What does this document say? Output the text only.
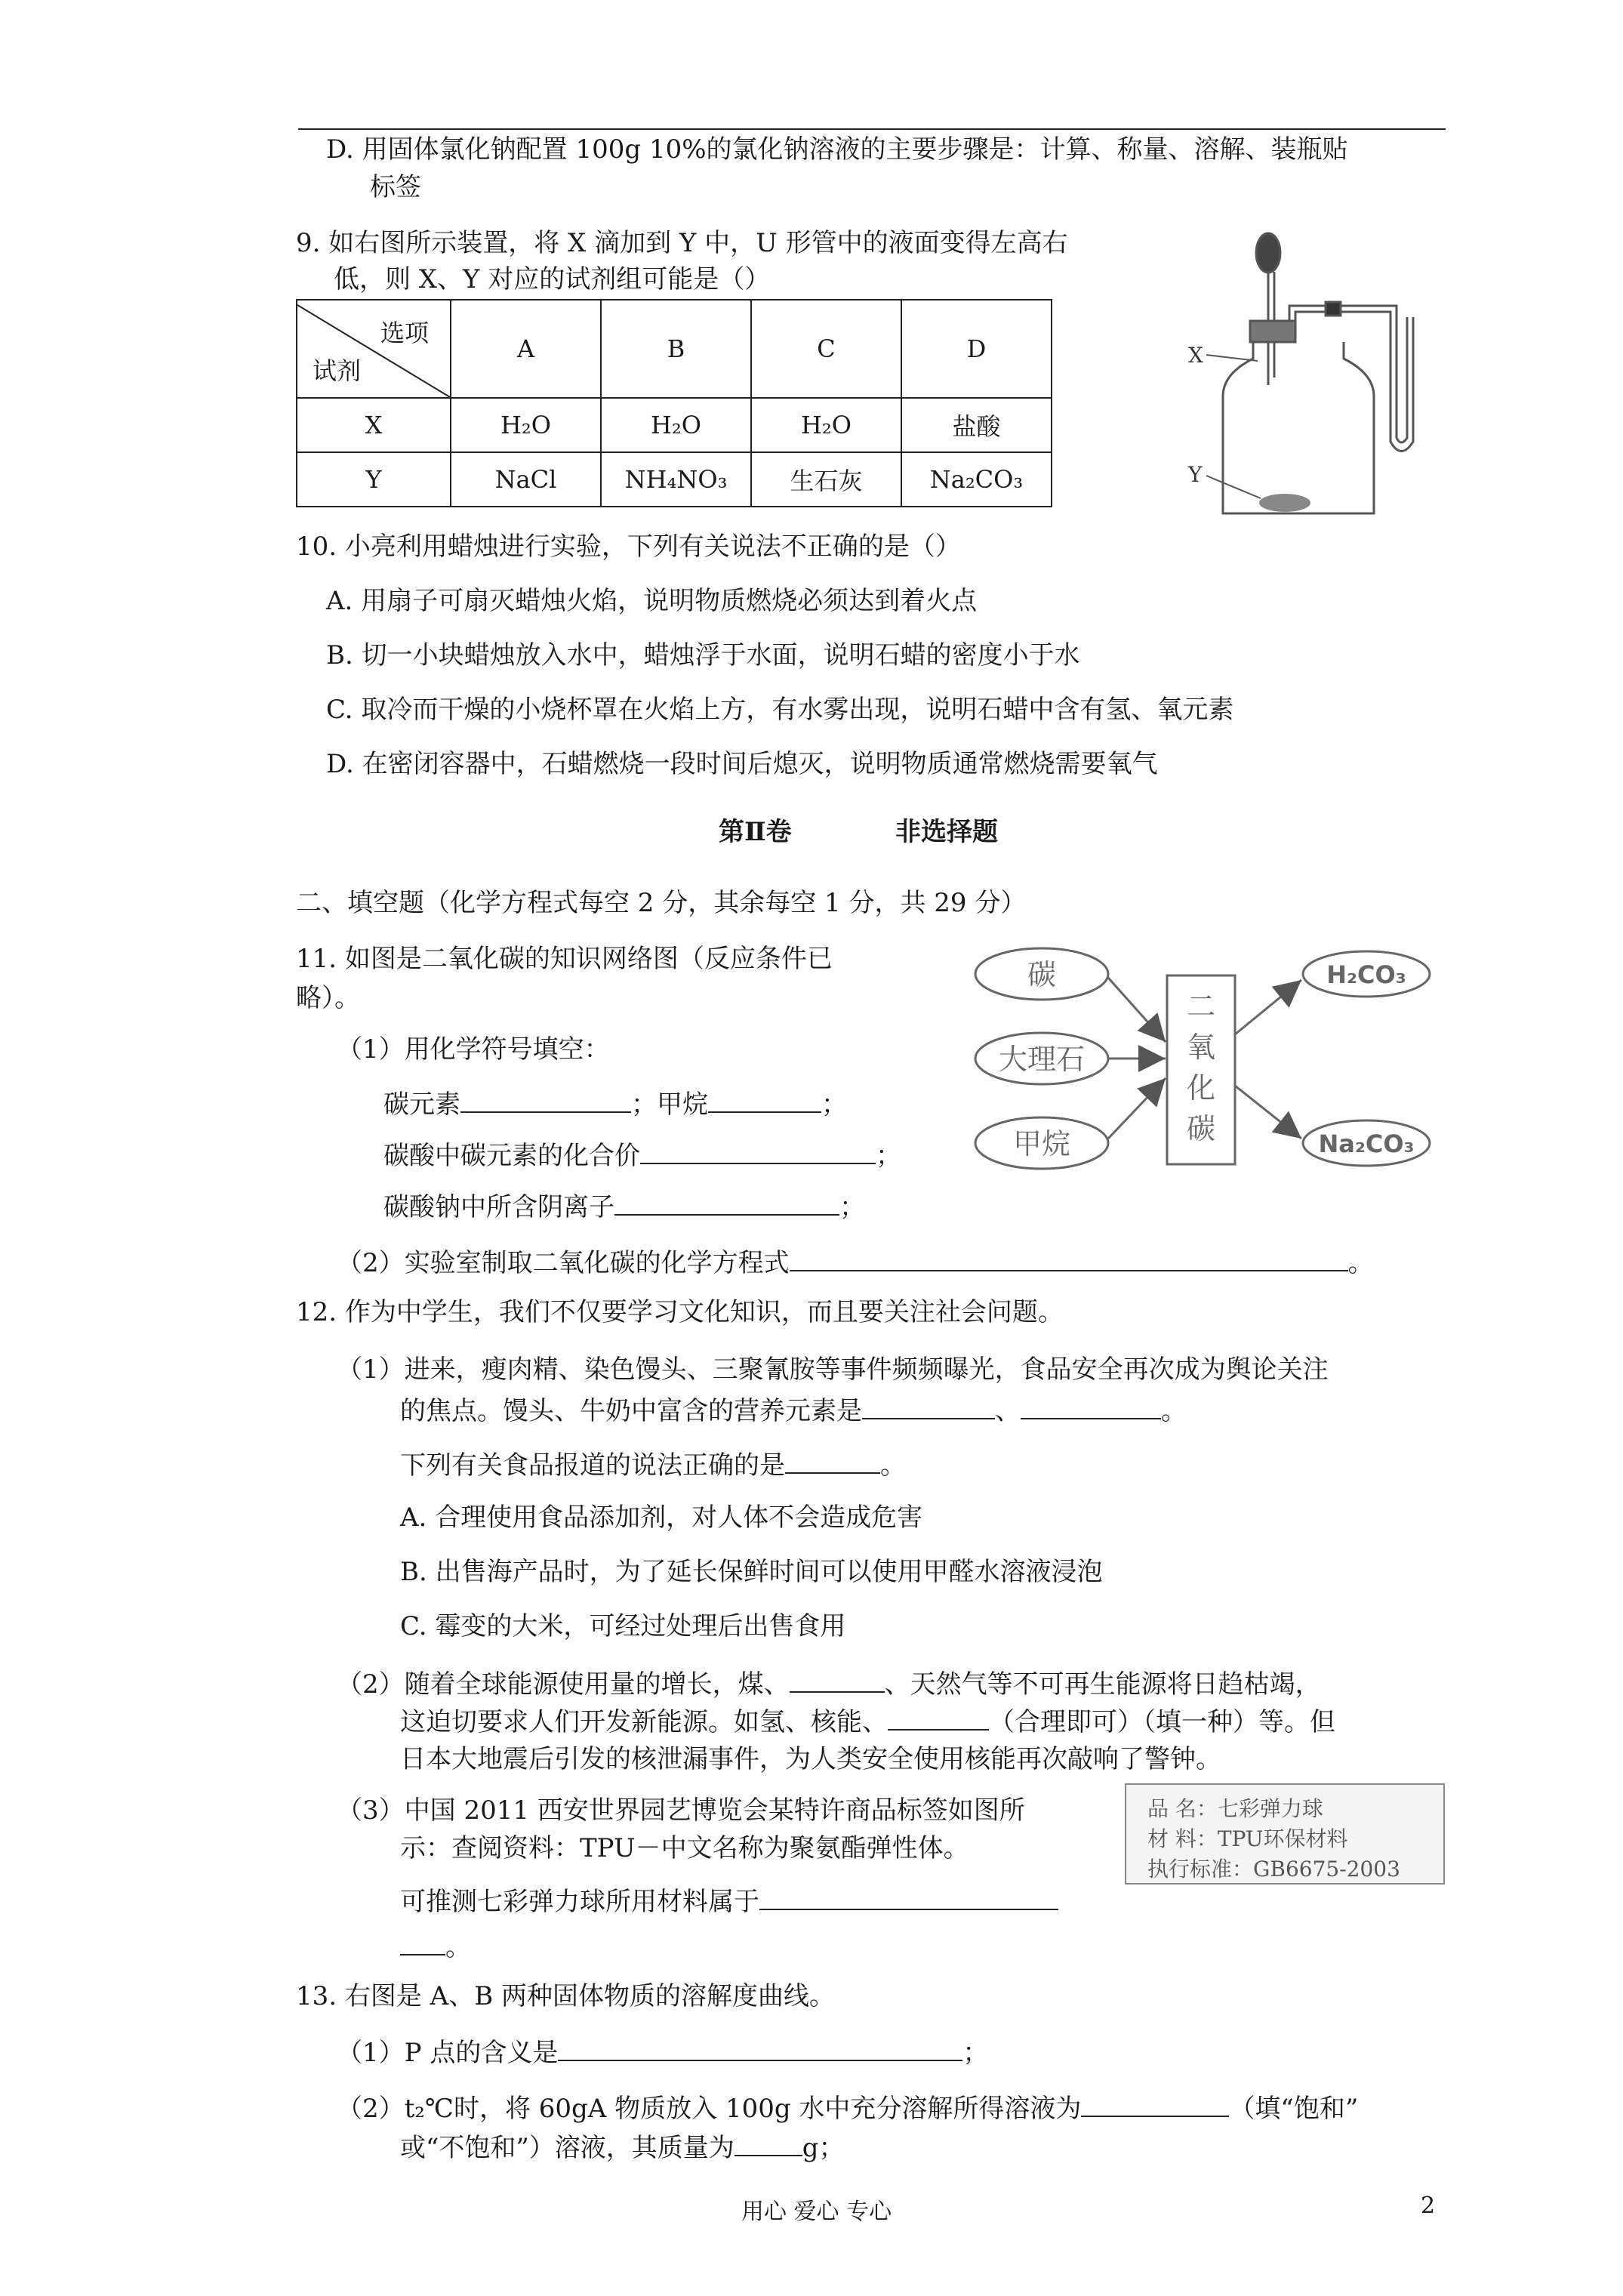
D. 用固体氯化钠配置 100g 10%的氯化钠溶液的主要步骤是：计算、称量、溶解、装瓶贴
标签
9. 如右图所示装置，将 X 滴加到 Y 中，U 形管中的液面变得左高右
低，则 X、Y 对应的试剂组可能是（）
选项
试剂	A	B	C	D
X	H₂O	H₂O	H₂O	盐酸
Y	NaCl	NH₄NO₃	生石灰	Na₂CO₃
X
Y
10. 小亮利用蜡烛进行实验，下列有关说法不正确的是（）
A. 用扇子可扇灭蜡烛火焰，说明物质燃烧必须达到着火点
B. 切一小块蜡烛放入水中，蜡烛浮于水面，说明石蜡的密度小于水
C. 取冷而干燥的小烧杯罩在火焰上方，有水雾出现，说明石蜡中含有氢、氧元素
D. 在密闭容器中，石蜡燃烧一段时间后熄灭，说明物质通常燃烧需要氧气
第Ⅱ卷	非选择题
二、填空题（化学方程式每空 2 分，其余每空 1 分，共 29 分）
11. 如图是二氧化碳的知识网络图（反应条件已
略）。
（1）用化学符号填空：
碳元素	；甲烷	；
碳酸中碳元素的化合价	；
碳酸钠中所含阴离子	；
（2）实验室制取二氧化碳的化学方程式	。
碳
大理石
甲烷
二
氧
化
碳
H₂CO₃
Na₂CO₃
12. 作为中学生，我们不仅要学习文化知识，而且要关注社会问题。
（1）进来，瘦肉精、染色馒头、三聚氰胺等事件频频曝光，食品安全再次成为舆论关注
的焦点。馒头、牛奶中富含的营养元素是	、	。
下列有关食品报道的说法正确的是	。
A. 合理使用食品添加剂，对人体不会造成危害
B. 出售海产品时，为了延长保鲜时间可以使用甲醛水溶液浸泡
C. 霉变的大米，可经过处理后出售食用
（2）随着全球能源使用量的增长，煤、	、天然气等不可再生能源将日趋枯竭，
这迫切要求人们开发新能源。如氢、核能、	（合理即可）（填一种）等。但
日本大地震后引发的核泄漏事件，为人类安全使用核能再次敲响了警钟。
（3）中国 2011 西安世界园艺博览会某特许商品标签如图所
示：查阅资料：TPU－中文名称为聚氨酯弹性体。
可推测七彩弹力球所用材料属于
。
品 名：七彩弹力球
材 料：TPU环保材料
执行标准：GB6675-2003
13. 右图是 A、B 两种固体物质的溶解度曲线。
（1）P 点的含义是	；
（2）t₂℃时，将 60gA 物质放入 100g 水中充分溶解所得溶液为	（填“饱和”
或“不饱和”）溶液，其质量为	g；
用心 爱心 专心	2
